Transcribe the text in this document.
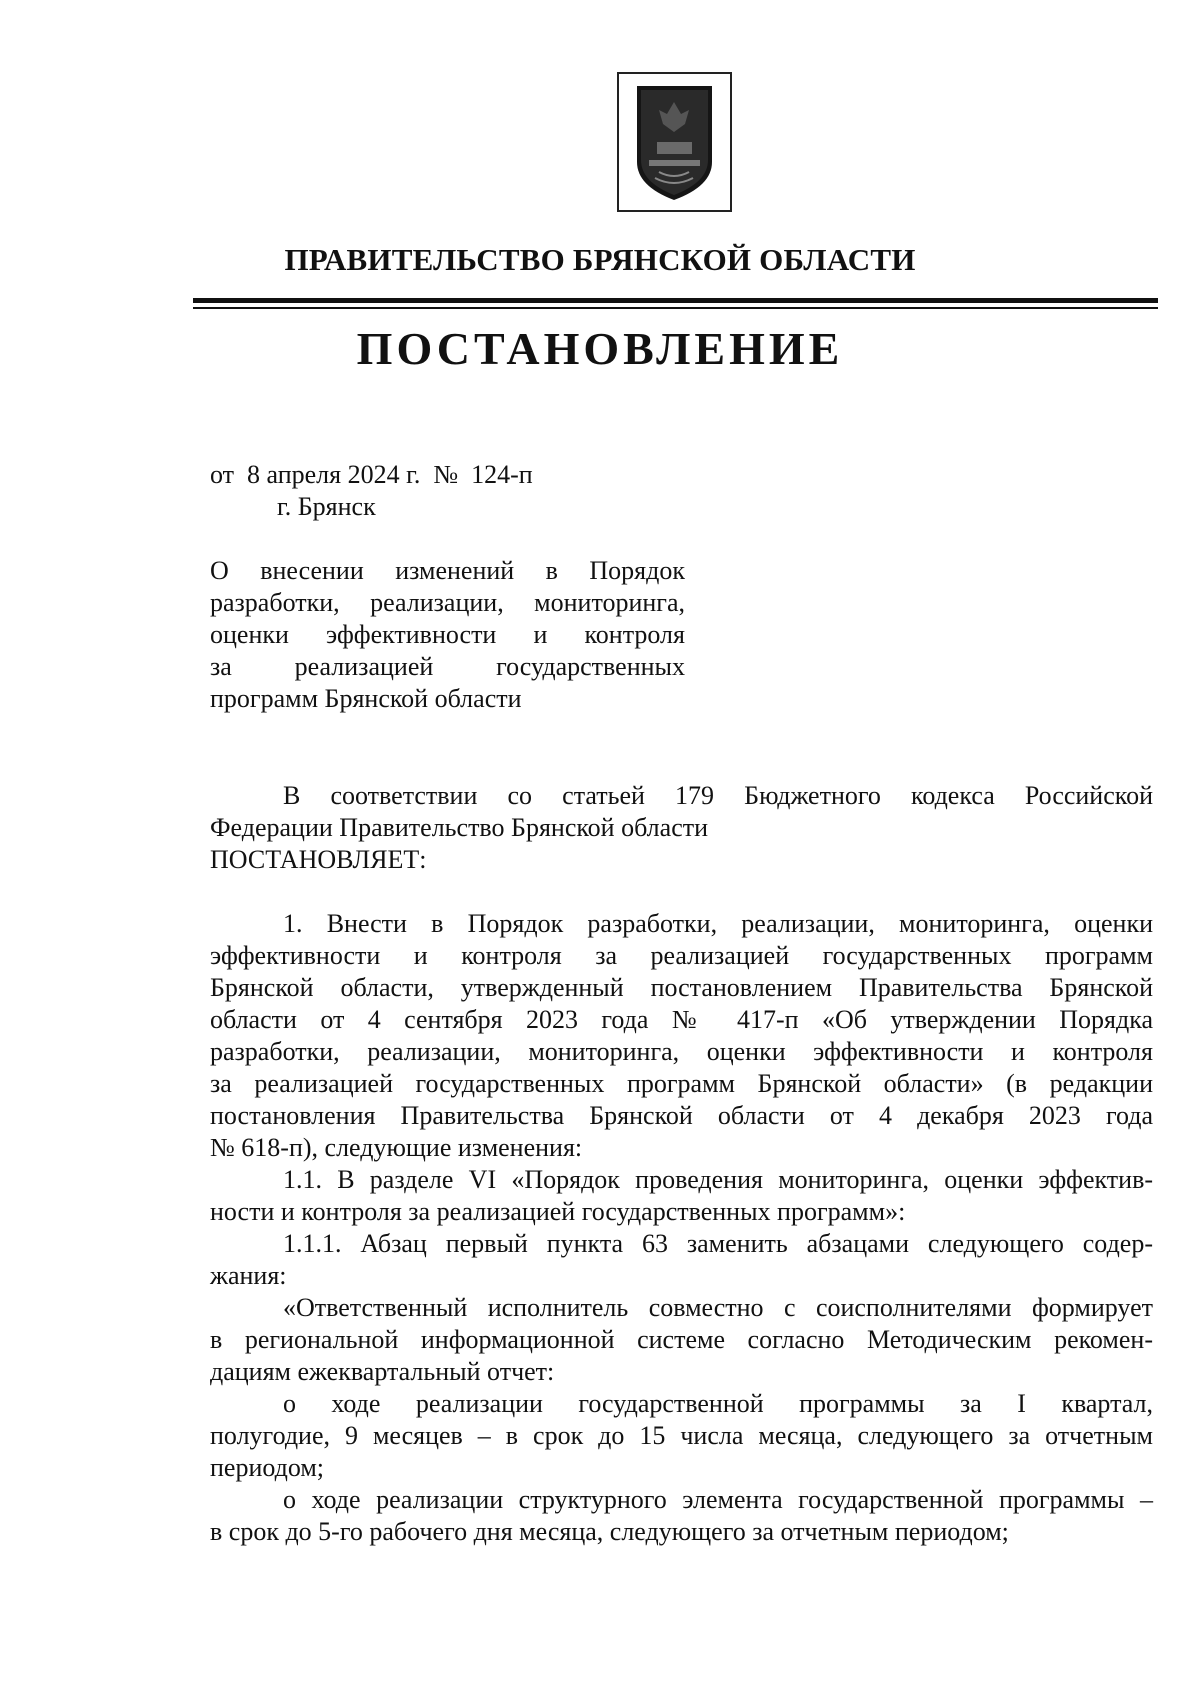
ПРАВИТЕЛЬСТВО БРЯНСКОЙ ОБЛАСТИ
ПОСТАНОВЛЕНИЕ
от  8 апреля 2024 г.  №  124-п
г. Брянск
О внесении изменений в Порядок
разработки, реализации, мониторинга,
оценки эффективности и контроля
за реализацией государственных
программ Брянской области
В соответствии со статьей 179 Бюджетного кодекса Российской
Федерации Правительство Брянской области
ПОСТАНОВЛЯЕТ:
1. Внести в Порядок разработки, реализации, мониторинга, оценки
эффективности и контроля за реализацией государственных программ
Брянской области, утвержденный постановлением Правительства Брянской
области от 4 сентября 2023 года № 417-п «Об утверждении Порядка
разработки, реализации, мониторинга, оценки эффективности и контроля
за реализацией государственных программ Брянской области» (в редакции
постановления Правительства Брянской области от 4 декабря 2023 года
№ 618-п), следующие изменения:
1.1. В разделе VI «Порядок проведения мониторинга, оценки эффектив-
ности и контроля за реализацией государственных программ»:
1.1.1. Абзац первый пункта 63 заменить абзацами следующего содер-
жания:
«Ответственный исполнитель совместно с соисполнителями формирует
в региональной информационной системе согласно Методическим рекомен-
дациям ежеквартальный отчет:
о ходе реализации государственной программы за I квартал,
полугодие, 9 месяцев – в срок до 15 числа месяца, следующего за отчетным
периодом;
о ходе реализации структурного элемента государственной программы –
в срок до 5-го рабочего дня месяца, следующего за отчетным периодом;
